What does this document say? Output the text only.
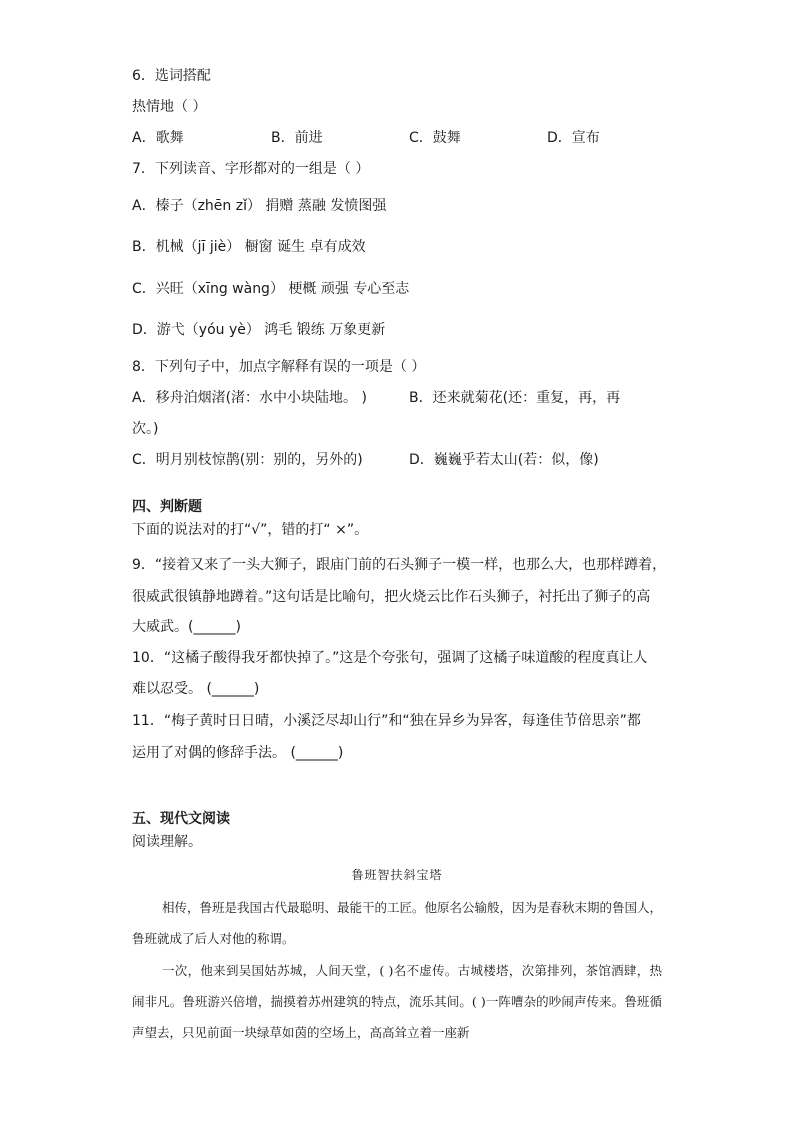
6．选词搭配
热情地（ ）
A．歌舞	B．前进	C．鼓舞	D．宣布
7．下列读音、字形都对的一组是（ ）
A．榛子（zhēn zǐ） 捐赠 蒸融 发愤图强
B．机械（jī jiè） 橱窗 诞生 卓有成效
C．兴旺（xīng wàng） 梗概 顽强 专心至志
D．游弋（yóu yè） 鸿毛 锻练 万象更新
8．下列句子中，加点字解释有误的一项是（ ）
A．移舟泊烟渚(渚：水中小块陆地。 )	B．还来就菊花(还：重复，再，再
次。)
C．明月别枝惊鹊(别：别的，另外的)	D．巍巍乎若太山(若：似，像)
四、判断题
下面的说法对的打“√”，错的打“ ×”。
9．“接着又来了一头大狮子，跟庙门前的石头狮子一模一样，也那么大，也那样蹲着，
很威武很镇静地蹲着。”这句话是比喻句，把火烧云比作石头狮子，衬托出了狮子的高
大威武。(______)
10．“这橘子酸得我牙都快掉了。”这是个夸张句，强调了这橘子味道酸的程度真让人
难以忍受。 (______)
11．“梅子黄时日日晴，小溪泛尽却山行”和“独在异乡为异客，每逢佳节倍思亲”都
运用了对偶的修辞手法。 (______)
五、现代文阅读
阅读理解。
鲁班智扶斜宝塔
相传，鲁班是我国古代最聪明、最能干的工匠。他原名公输般，因为是春秋末期的鲁国人，鲁班就成了后人对他的称谓。
一次，他来到吴国姑苏城，人间天堂，( )名不虚传。古城楼塔，次第排列，茶馆酒肆，热闹非凡。鲁班游兴倍增，揣摸着苏州建筑的特点，流乐其间。( )一阵嘈杂的吵闹声传来。鲁班循声望去，只见前面一块绿草如茵的空场上，高高耸立着一座新
